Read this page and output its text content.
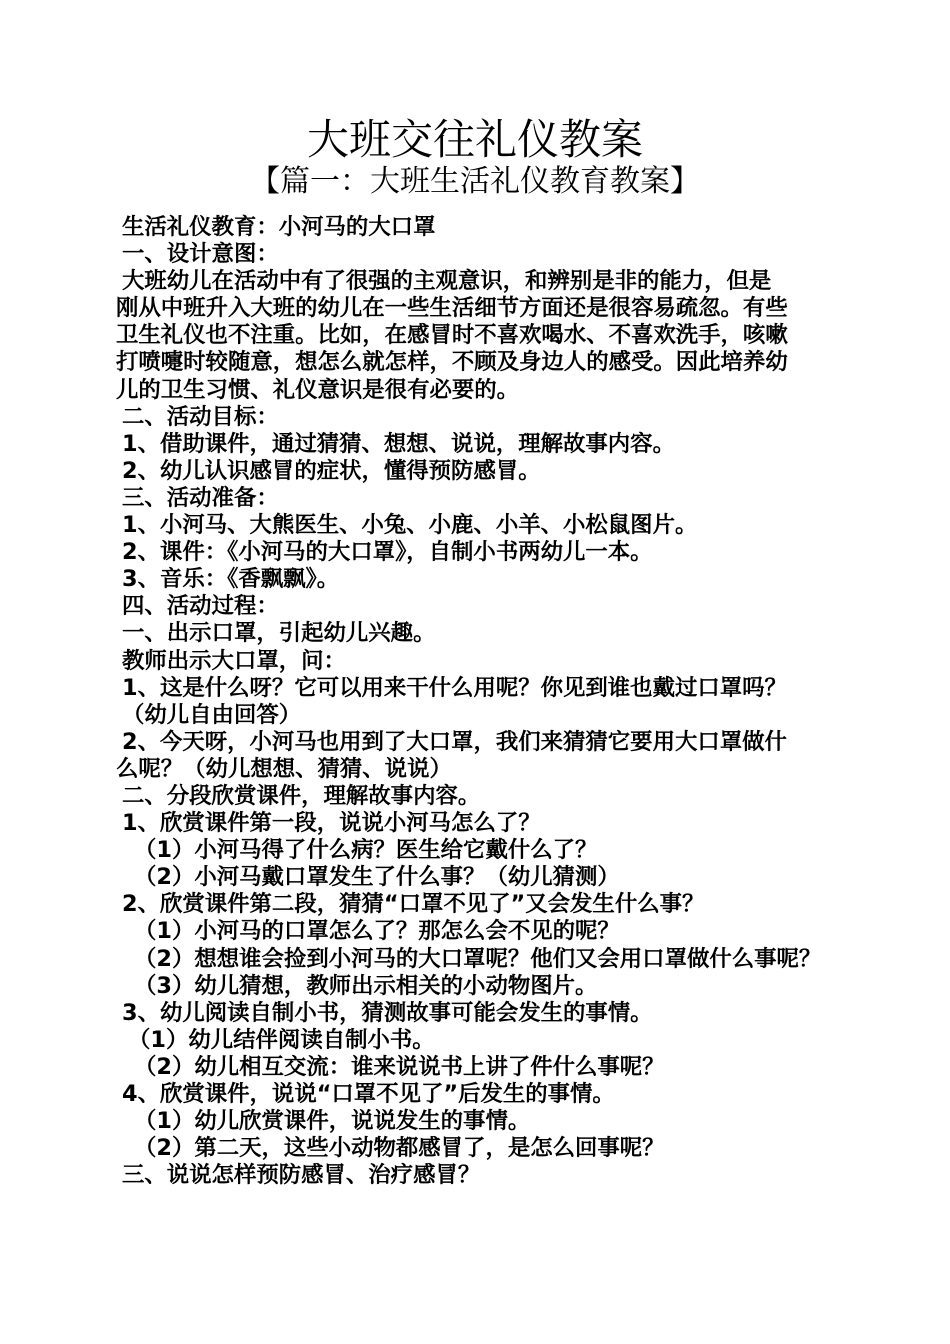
大班交往礼仪教案
【篇一：大班生活礼仪教育教案】
生活礼仪教育：小河马的大口罩
一、设计意图：
大班幼儿在活动中有了很强的主观意识，和辨别是非的能力，但是
刚从中班升入大班的幼儿在一些生活细节方面还是很容易疏忽。有些
卫生礼仪也不注重。比如，在感冒时不喜欢喝水、不喜欢洗手，咳嗽
打喷嚏时较随意，想怎么就怎样，不顾及身边人的感受。因此培养幼
儿的卫生习惯、礼仪意识是很有必要的。
二、活动目标：
1、借助课件，通过猜猜、想想、说说，理解故事内容。
2、幼儿认识感冒的症状，懂得预防感冒。
三、活动准备：
1、小河马、大熊医生、小兔、小鹿、小羊、小松鼠图片。
2、课件：《小河马的大口罩》，自制小书两幼儿一本。
3、音乐：《香飘飘》。
四、活动过程：
一、出示口罩，引起幼儿兴趣。
教师出示大口罩，问：
1、这是什么呀？它可以用来干什么用呢？你见到谁也戴过口罩吗？
（幼儿自由回答）
2、今天呀，小河马也用到了大口罩，我们来猜猜它要用大口罩做什
么呢？（幼儿想想、猜猜、说说）
二、分段欣赏课件，理解故事内容。
1、欣赏课件第一段，说说小河马怎么了？
（1）小河马得了什么病？医生给它戴什么了？
（2）小河马戴口罩发生了什么事？（幼儿猜测）
2、欣赏课件第二段，猜猜“口罩不见了”又会发生什么事？
（1）小河马的口罩怎么了？那怎么会不见的呢？
（2）想想谁会捡到小河马的大口罩呢？他们又会用口罩做什么事呢？
（3）幼儿猜想，教师出示相关的小动物图片。
3、幼儿阅读自制小书，猜测故事可能会发生的事情。
（1）幼儿结伴阅读自制小书。
（2）幼儿相互交流：谁来说说书上讲了件什么事呢？
4、欣赏课件，说说“口罩不见了”后发生的事情。
（1）幼儿欣赏课件，说说发生的事情。
（2）第二天，这些小动物都感冒了，是怎么回事呢？
三、说说怎样预防感冒、治疗感冒？
